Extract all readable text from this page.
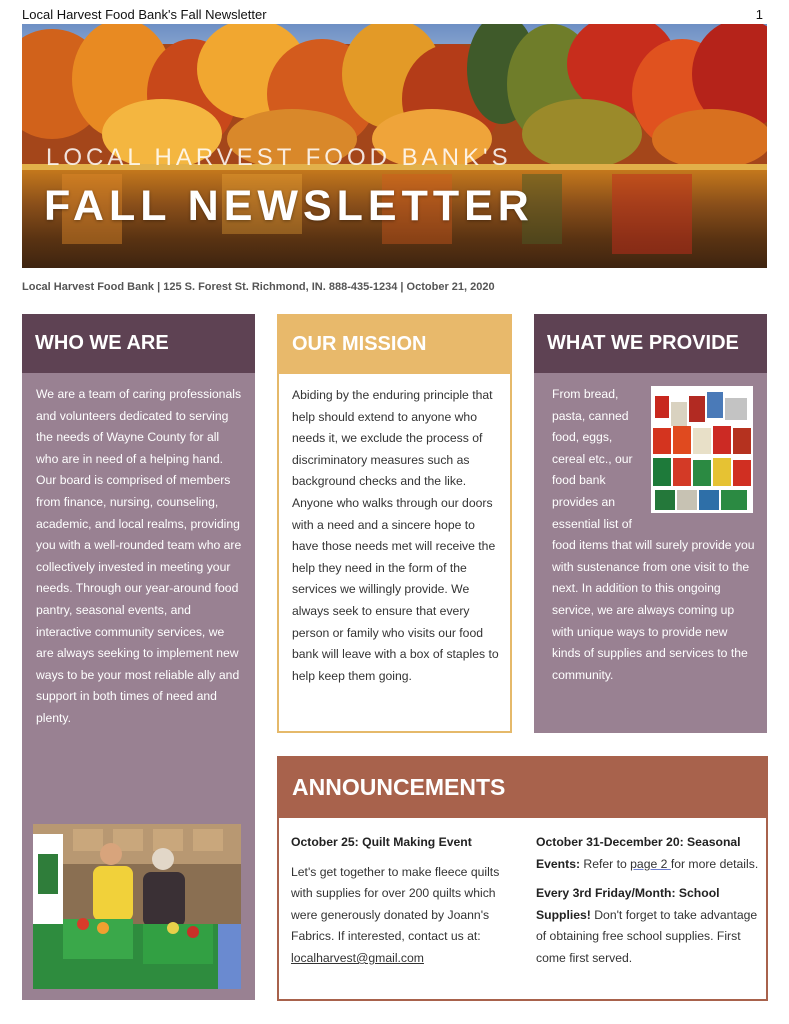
Local Harvest Food Bank's Fall Newsletter	1
LOCAL HARVEST FOOD BANK'S
FALL NEWSLETTER
Local Harvest Food Bank | 125 S. Forest St. Richmond, IN. 888-435-1234 | October 21, 2020
WHO WE ARE
We are a team of caring professionals and volunteers dedicated to serving the needs of Wayne County for all who are in need of a helping hand. Our board is comprised of members from finance, nursing, counseling, academic, and local realms, providing you with a well-rounded team who are collectively invested in meeting your needs. Through our year-around food pantry, seasonal events, and interactive community services, we are always seeking to implement new ways to be your most reliable ally and support in both times of need and plenty.
OUR MISSION
Abiding by the enduring principle that help should extend to anyone who needs it, we exclude the process of discriminatory measures such as background checks and the like. Anyone who walks through our doors with a need and a sincere hope to have those needs met will receive the help they need in the form of the services we willingly provide. We always seek to ensure that every person or family who visits our food bank will leave with a box of staples to help keep them going.
WHAT WE PROVIDE
From bread, pasta, canned food, eggs, cereal etc., our food bank provides an essential list of food items that will surely provide you with sustenance from one visit to the next. In addition to this ongoing service, we are always coming up with unique ways to provide new kinds of supplies and services to the community.
ANNOUNCEMENTS
October 25: Quilt Making Event
Let's get together to make fleece quilts with supplies for over 200 quilts which were generously donated by Joann's Fabrics. If interested, contact us at: localharvest@gmail.com
October 31-December 20: Seasonal Events: Refer to page 2 for more details.
Every 3rd Friday/Month: School Supplies! Don't forget to take advantage of obtaining free school supplies. First come first served.
